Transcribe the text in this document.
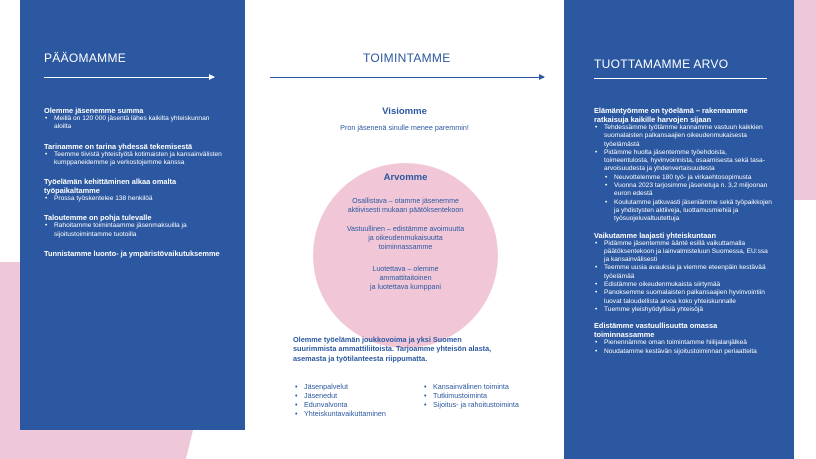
PÄÄOMAMME
Olemme jäsenemme summa
• Meillä on 120 000 jäsentä lähes kaikilta yhteiskunnan aloilta
Tarinamme on tarina yhdessä tekemisestä
• Teemme tiivistä yhteistyötä kotimaisten ja kansainvälisten kumppaneidemme ja verkostojemme kanssa
Työelämän kehittäminen alkaa omalta työpaikaltamme
• Prossa työskentelee 138 henkilöä
Taloutemme on pohja tulevalle
• Rahoitamme toimintaamme jäsenmaksuilla ja sijoitustoimintamme tuotoilla
Tunnistamme luonto- ja ympäristövaikutuksemme
TOIMINTAMME
Visiomme
Pron jäsenenä sinulle menee paremmin!
Arvomme
Osallistava – otamme jäsenemme
aktiivisesti mukaan päätöksentekoon
Vastuullinen – edistämme avoimuutta
ja oikeudenmukaisuutta
toiminnassamme
Luotettava – olemme
ammattitaitoinen
ja luotettava kumppani
Olemme työelämän joukkovoima ja yksi Suomen
suurimmista ammattiliitoista. Tarjoamme yhteisön alasta,
asemasta ja työtilanteesta riippumatta.
• Jäsenpalvelut
• Jäsenedut
• Edunvalvonta
• Yhteiskuntavaikuttaminen
• Kansainvälinen toiminta
• Tutkimustoiminta
• Sijoitus- ja rahoitustoiminta
TUOTTAMAMME ARVO
Elämäntyömme on työelämä – rakennamme ratkaisuja kaikille harvojen sijaan
• Tehdessämme työtämme kannamme vastuun kaikkien suomalaisten palkansaajien oikeudenmukaisesta työelämästä
• Pidämme huolta jäsentemme työehdoista, toimeentulosta, hyvinvoinnista, osaamisesta sekä tasa-arvoisuudesta ja yhdenvertaisuudesta
• Neuvottelemme 180 työ- ja virkaehtosopimusta
• Vuonna 2023 tarjosimme jäsenetuja n. 3,2 miljoonan euron edestä
• Koulutamme jatkuvasti jäseniämme sekä työpaikkojen ja yhdistysten aktiiveja, luottamusmiehiä ja työsuojeluvaltuutettuja
Vaikutamme laajasti yhteiskuntaan
• Pidämme jäsentemme äänté esillä vaikuttamalla päätöksentekoon ja lainvalmisteluun Suomessa, EU:ssa ja kansainvälisesti
• Teemme uusia avauksia ja viemme eteenpäin kestävää työelämää
• Edistämme oikeudenmukaista siirtymää
• Panoksemme suomalaisten palkansaajien hyvinvointiin luovat taloudellista arvoa koko yhteiskunnalle
• Tuemme yleishyödyllisiä yhteisöjä
Edistämme vastuullisuutta omassa toiminnassamme
• Pienennämme oman toimintamme hiilijalanjälkeä
• Noudatamme kestävän sijoitustoiminnan periaatteita
